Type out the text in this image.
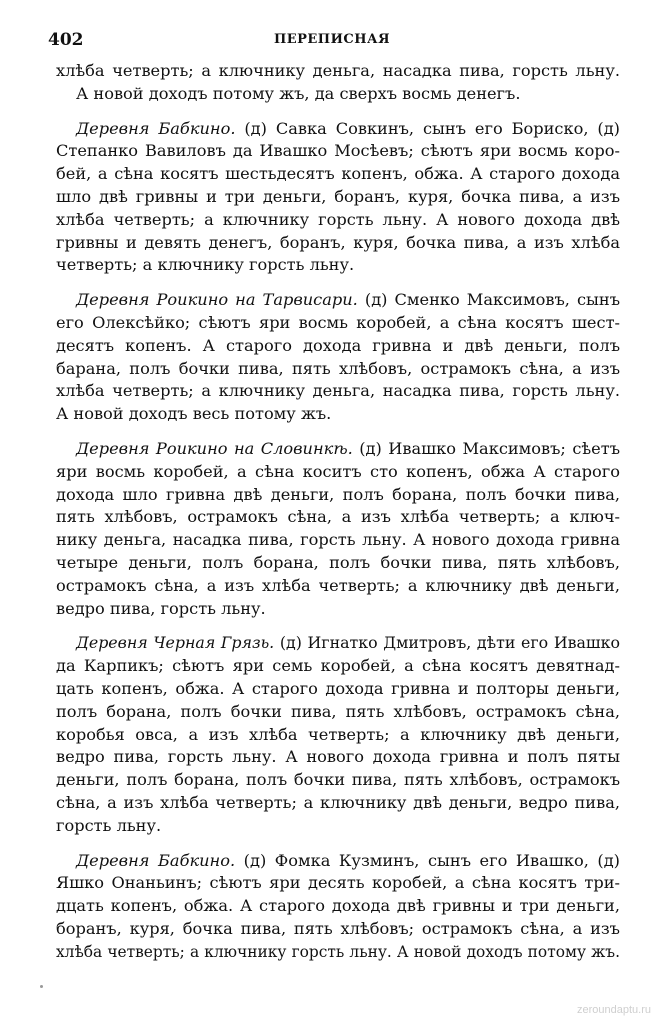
402	ПЕРЕПИСНАЯ
хлѣба четверть; а ключнику деньга, насадка пива, горсть льну.
А новой доходъ потому жъ, да сверхъ восмь денегъ.
Деревня Бабкино. (д) Савка Совкинъ, сынъ его Бориско, (д)
Степанко Вавиловъ да Ивашко Мосѣевъ; сѣютъ яри восмь коро-
бей, а сѣна косятъ шестьдесятъ копенъ, обжа. А старого дохода
шло двѣ гривны и три деньги, боранъ, куря, бочка пива, а изъ
хлѣба четверть; а ключнику горсть льну. А нового дохода двѣ
гривны и девять денегъ, боранъ, куря, бочка пива, а изъ хлѣба
четверть; а ключнику горсть льну.
Деревня Роикино на Тарвисари. (д) Сменко Максимовъ, сынъ
его Олексѣйко; сѣютъ яри восмь коробей, а сѣна косятъ шест-
десятъ копенъ. А старого дохода гривна и двѣ деньги, полъ
барана, полъ бочки пива, пять хлѣбовъ, острамокъ сѣна, а изъ
хлѣба четверть; а ключнику деньга, насадка пива, горсть льну.
А новой доходъ весь потому жъ.
Деревня Роикино на Словинкѣ. (д) Ивашко Максимовъ; сѣетъ
яри восмь коробей, а сѣна коситъ сто копенъ, обжа А старого
дохода шло гривна двѣ деньги, полъ борана, полъ бочки пива,
пять хлѣбовъ, острамокъ сѣна, а изъ хлѣба четверть; а ключ-
нику деньга, насадка пива, горсть льну. А нового дохода гривна
четыре деньги, полъ борана, полъ бочки пива, пять хлѣбовъ,
острамокъ сѣна, а изъ хлѣба четверть; а ключнику двѣ деньги,
ведро пива, горсть льну.
Деревня Черная Грязь. (д) Игнатко Дмитровъ, дѣти его Ивашко
да Карпикъ; сѣютъ яри семь коробей, а сѣна косятъ девятнад-
цать копенъ, обжа. А старого дохода гривна и полторы деньги,
полъ борана, полъ бочки пива, пять хлѣбовъ, острамокъ сѣна,
коробья овса, а изъ хлѣба четверть; а ключнику двѣ деньги,
ведро пива, горсть льну. А нового дохода гривна и полъ пяты
деньги, полъ борана, полъ бочки пива, пять хлѣбовъ, острамокъ
сѣна, а изъ хлѣба четверть; а ключнику двѣ деньги, ведро пива,
горсть льну.
Деревня Бабкино. (д) Фомка Кузминъ, сынъ его Ивашко, (д)
Яшко Онаньинъ; сѣютъ яри десять коробей, а сѣна косятъ три-
дцать копенъ, обжа. А старого дохода двѣ гривны и три деньги,
боранъ, куря, бочка пива, пять хлѣбовъ; острамокъ сѣна, а изъ
хлѣба четверть; а ключнику горсть льну. А новой доходъ потому жъ.
zeroundaptu.ru
